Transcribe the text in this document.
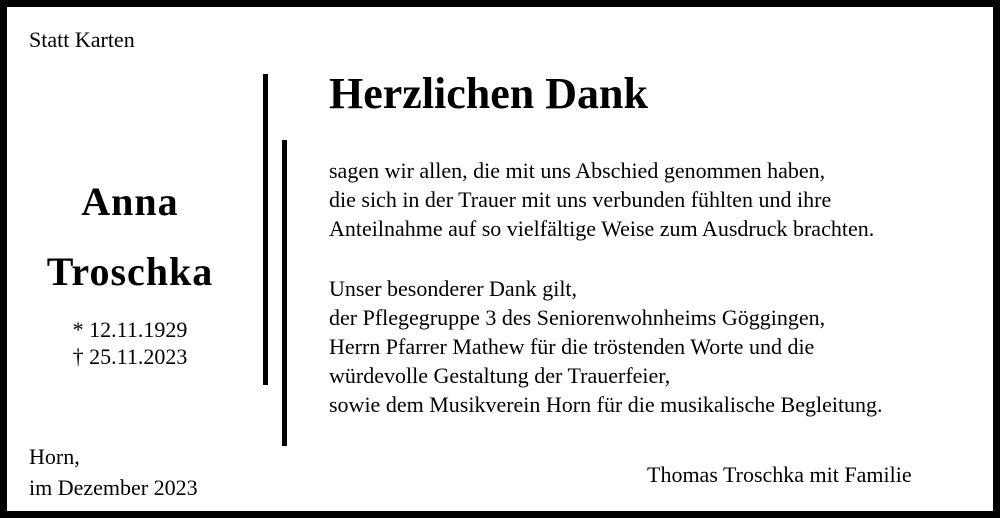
Statt Karten
Anna
Troschka
* 12.11.1929
† 25.11.2023
Herzlichen Dank
sagen wir allen, die mit uns Abschied genommen haben,
die sich in der Trauer mit uns verbunden fühlten und ihre
Anteilnahme auf so vielfältige Weise zum Ausdruck brachten.
Unser besonderer Dank gilt,
der Pflegegruppe 3 des Seniorenwohnheims Göggingen,
Herrn Pfarrer Mathew für die tröstenden Worte und die
würdevolle Gestaltung der Trauerfeier,
sowie dem Musikverein Horn für die musikalische Begleitung.
Horn,
im Dezember 2023
Thomas Troschka mit Familie
